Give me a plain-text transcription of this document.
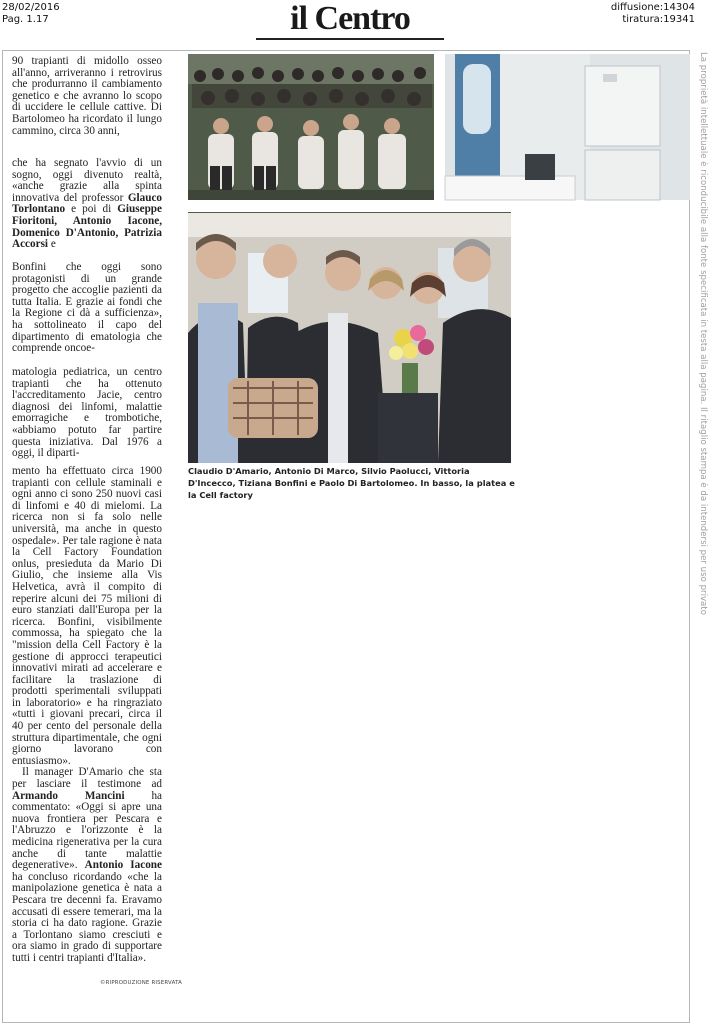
28/02/2016
Pag. 1.17	il Centro	diffusione:14304
tiratura:19341
La proprietà intellettuale è riconducibile alla fonte specificata in testa alla pagina. Il ritaglio stampa è da intendersi per uso privato

90 trapianti di midollo osseo all'anno, arriveranno i retrovirus che produrranno il cambiamento genetico e che avranno lo scopo di uccidere le cellule cattive. Di Bartolomeo ha ricordato il lungo cammino, circa 30 anni,

che ha segnato l'avvio di un sogno, oggi divenuto realtà, «anche grazie alla spinta innovativa del professor Glauco Torlontano e poi di Giuseppe Fioritoni, Antonio Iacone, Domenico D'Antonio, Patrizia Accorsi e

Bonfini che oggi sono protagonisti di un grande progetto che accoglie pazienti da tutta Italia. E grazie ai fondi che la Regione ci dà a sufficienza», ha sottolineato il capo del dipartimento di ematologia che comprende oncoe-

matologia pediatrica, un centro trapianti che ha ottenuto l'accreditamento Jacie, centro diagnosi dei linfomi, malattie emorragiche e trombotiche, «abbiamo potuto far partire questa iniziativa. Dal 1976 a oggi, il diparti-

mento ha effettuato circa 1900 trapianti con cellule staminali e ogni anno ci sono 250 nuovi casi di linfomi e 40 di mielomi. La ricerca non si fa solo nelle università, ma anche in questo ospedale». Per tale ragione è nata la Cell Factory Foundation onlus, presieduta da Mario Di Giulio, che insieme alla Vis Helvetica, avrà il compito di reperire alcuni dei 75 milioni di euro stanziati dall'Europa per la ricerca. Bonfini, visibilmente commossa, ha spiegato che la "mission della Cell Factory è la gestione di approcci terapeutici innovativi mirati ad accelerare e facilitare la traslazione di prodotti sperimentali sviluppati in laboratorio» e ha ringraziato «tutti i giovani precari, circa il 40 per cento del personale della struttura dipartimentale, che ogni giorno lavorano con entusiasmo».

Il manager D'Amario che sta per lasciare il testimone ad Armando Mancini ha commentato: «Oggi si apre una nuova frontiera per Pescara e l'Abruzzo e l'orizzonte è la medicina rigenerativa per la cura anche di tante malattie degenerative». Antonio Iacone ha concluso ricordando «che la manipolazione genetica è nata a Pescara tre decenni fa. Eravamo accusati di essere temerari, ma la storia ci ha dato ragione. Grazie a Torlontano siamo cresciuti e ora siamo in grado di supportare tutti i centri trapianti d'Italia».

©RIPRODUZIONE RISERVATA
Claudio D'Amario, Antonio Di Marco, Silvio Paolucci, Vittoria D'Incecco, Tiziana Bonfini e Paolo Di Bartolomeo. In basso, la platea e la Cell factory
